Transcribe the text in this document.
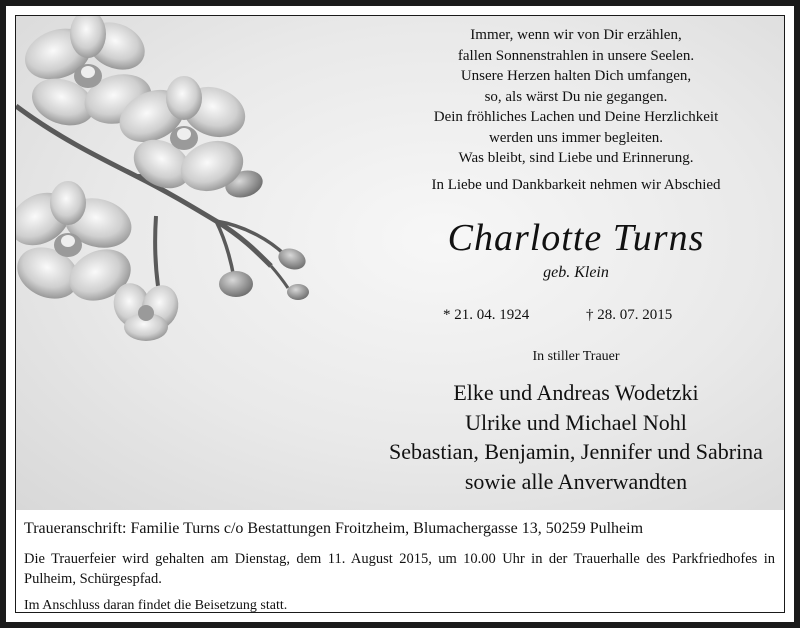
Immer, wenn wir von Dir erzählen,
fallen Sonnenstrahlen in unsere Seelen.
Unsere Herzen halten Dich umfangen,
so, als wärst Du nie gegangen.
Dein fröhliches Lachen und Deine Herzlichkeit
werden uns immer begleiten.
Was bleibt, sind Liebe und Erinnerung.
In Liebe und Dankbarkeit nehmen wir Abschied
Charlotte Turns
geb. Klein
* 21. 04. 1924	† 28. 07. 2015
In stiller Trauer
Elke und Andreas Wodetzki
Ulrike und Michael Nohl
Sebastian, Benjamin, Jennifer und Sabrina
sowie alle Anverwandten
Traueranschrift: Familie Turns c/o Bestattungen Froitzheim, Blumachergasse 13, 50259 Pulheim
Die Trauerfeier wird gehalten am Dienstag, dem 11. August 2015, um 10.00 Uhr in der Trauerhalle des Parkfriedhofes in Pulheim, Schürgespfad.
Im Anschluss daran findet die Beisetzung statt.
